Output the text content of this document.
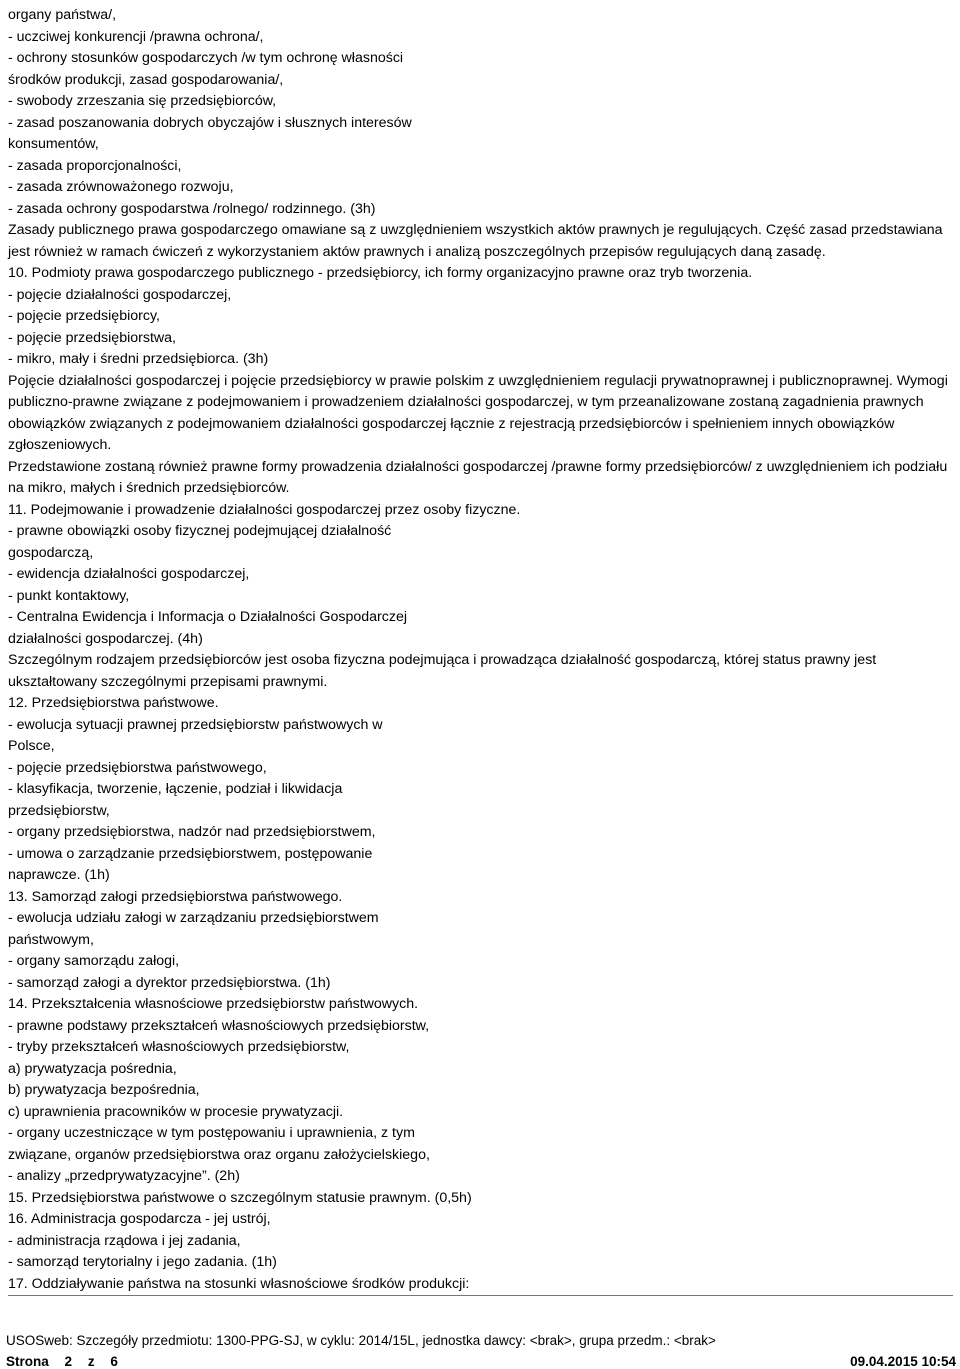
organy państwa/,
- uczciwej konkurencji /prawna ochrona/,
- ochrony stosunków gospodarczych /w tym ochronę własności
środków produkcji, zasad gospodarowania/,
- swobody zrzeszania się przedsiębiorców,
- zasad poszanowania dobrych obyczajów i słusznych interesów
konsumentów,
- zasada proporcjonalności,
- zasada zrównoważonego rozwoju,
- zasada ochrony gospodarstwa /rolnego/ rodzinnego. (3h)
Zasady publicznego prawa gospodarczego omawiane są z uwzględnieniem wszystkich aktów prawnych je regulujących. Część zasad przedstawiana jest również w ramach ćwiczeń z wykorzystaniem aktów prawnych i analizą poszczególnych przepisów regulujących daną zasadę.
10. Podmioty prawa gospodarczego publicznego - przedsiębiorcy, ich formy organizacyjno prawne oraz tryb tworzenia.
- pojęcie działalności gospodarczej,
- pojęcie przedsiębiorcy,
- pojęcie przedsiębiorstwa,
- mikro, mały i średni przedsiębiorca. (3h)
Pojęcie działalności gospodarczej i pojęcie przedsiębiorcy w prawie polskim z uwzględnieniem regulacji prywatnoprawnej i publicznoprawnej. Wymogi publiczno-prawne związane z podejmowaniem i prowadzeniem działalności gospodarczej, w tym przeanalizowane zostaną zagadnienia prawnych obowiązków związanych z podejmowaniem działalności gospodarczej łącznie z rejestracją przedsiębiorców i spełnieniem innych obowiązków zgłoszeniowych.
Przedstawione zostaną również prawne formy prowadzenia działalności gospodarczej /prawne formy przedsiębiorców/ z uwzględnieniem ich podziału na mikro, małych i średnich przedsiębiorców.
11. Podejmowanie i prowadzenie działalności gospodarczej przez osoby fizyczne.
- prawne obowiązki osoby fizycznej podejmującej działalność
gospodarczą,
- ewidencja działalności gospodarczej,
- punkt kontaktowy,
- Centralna Ewidencja i Informacja o Działalności Gospodarczej
działalności gospodarczej. (4h)
Szczególnym rodzajem przedsiębiorców jest osoba fizyczna podejmująca i prowadząca działalność gospodarczą, której status prawny jest ukształtowany szczególnymi przepisami prawnymi.
12. Przedsiębiorstwa państwowe.
- ewolucja sytuacji prawnej przedsiębiorstw państwowych w
Polsce,
- pojęcie przedsiębiorstwa państwowego,
- klasyfikacja, tworzenie, łączenie, podział i likwidacja
przedsiębiorstw,
- organy przedsiębiorstwa, nadzór nad przedsiębiorstwem,
- umowa o zarządzanie przedsiębiorstwem, postępowanie
naprawcze. (1h)
13. Samorząd załogi przedsiębiorstwa państwowego.
- ewolucja udziału załogi w zarządzaniu przedsiębiorstwem
państwowym,
- organy samorządu załogi,
- samorząd załogi a dyrektor przedsiębiorstwa. (1h)
14. Przekształcenia własnościowe przedsiębiorstw państwowych.
- prawne podstawy przekształceń własnościowych przedsiębiorstw,
- tryby przekształceń własnościowych przedsiębiorstw,
a) prywatyzacja pośrednia,
b) prywatyzacja bezpośrednia,
c) uprawnienia pracowników w procesie prywatyzacji.
- organy uczestniczące w tym postępowaniu i uprawnienia, z tym
związane, organów przedsiębiorstwa oraz organu założycielskiego,
- analizy „przedprywatyzacyjne”. (2h)
15. Przedsiębiorstwa państwowe o szczególnym statusie prawnym. (0,5h)
16. Administracja gospodarcza - jej ustrój,
- administracja rządowa i jej zadania,
- samorząd terytorialny i jego zadania. (1h)
17. Oddziaływanie państwa na stosunki własnościowe środków produkcji:
USOSweb: Szczegóły przedmiotu: 1300-PPG-SJ, w cyklu: 2014/15L, jednostka dawcy: <brak>, grupa przedm.: <brak>
Strona 2 z 6	09.04.2015 10:54
